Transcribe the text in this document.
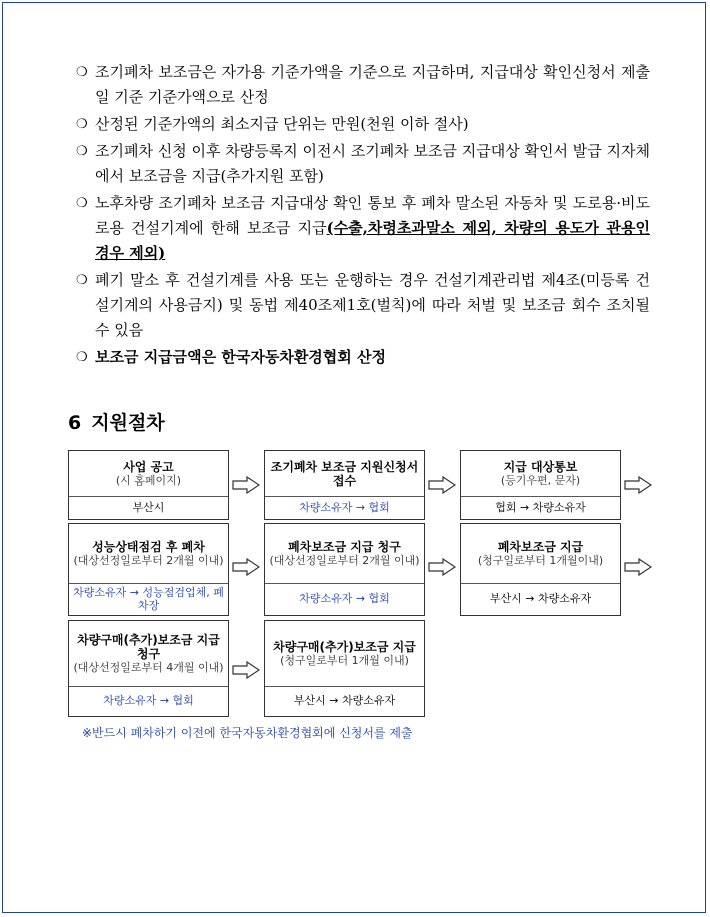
❍ 조기폐차 보조금은 자가용 기준가액을 기준으로 지급하며, 지급대상 확인신청서 제출일 기준 기준가액으로 산정
❍ 산정된 기준가액의 최소지급 단위는 만원(천원 이하 절사)
❍ 조기폐차 신청 이후 차량등록지 이전시 조기폐차 보조금 지급대상 확인서 발급 지자체에서 보조금을 지급(추가지원 포함)
❍ 노후차량 조기폐차 보조금 지급대상 확인 통보 후 폐차 말소된 자동차 및 도로용·비도로용 건설기계에 한해 보조금 지급(수출,차령초과말소 제외, 차량의 용도가 관용인 경우 제외)
❍ 폐기 말소 후 건설기계를 사용 또는 운행하는 경우 건설기계관리법 제4조(미등록 건설기계의 사용금지) 및 동법 제40조제1호(벌칙)에 따라 처벌 및 보조금 회수 조치될 수 있음
❍ 보조금 지급금액은 한국자동차환경협회 산정
6 지원절차
사업 공고
(시 홈페이지)
부산시
조기폐차 보조금 지원신청서 접수
차량소유자 → 협회
지급 대상통보
(등기우편, 문자)
협회 → 차량소유자
성능상태점검 후 폐차
(대상선정일로부터 2개월 이내)
차량소유자 → 성능점검업체, 폐차장
폐차보조금 지급 청구
(대상선정일로부터 2개월 이내)
차량소유자 → 협회
폐차보조금 지급
(청구일로부터 1개월이내)
부산시 → 차량소유자
차량구매(추가)보조금 지급 청구
(대상선정일로부터 4개월 이내)
차량소유자 → 협회
차량구매(추가)보조금 지급
(청구일로부터 1개월 이내)
부산시 → 차량소유자
※반드시 폐차하기 이전에 한국자동차환경협회에 신청서를 제출
